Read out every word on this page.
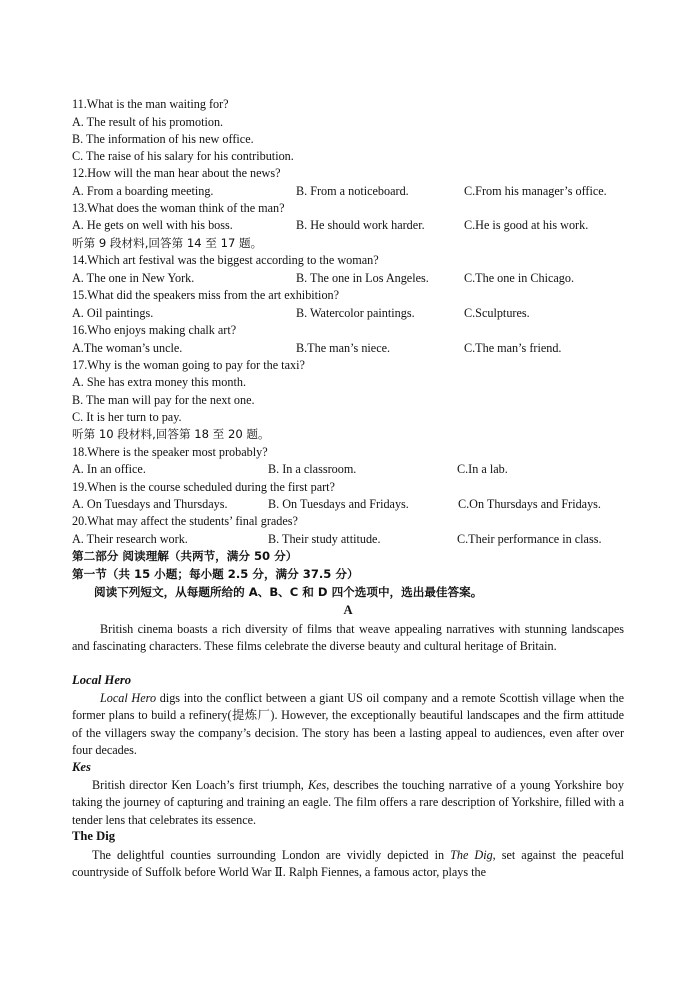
11.What is the man waiting for?
A. The result of his promotion.
B. The information of his new office.
C. The raise of his salary for his contribution.
12.How will the man hear about the news?
A. From a boarding meeting.	B. From a noticeboard.	C.From his manager’s office.
13.What does the woman think of the man?
A. He gets on well with his boss.	B. He should work harder.	C.He is good at his work.
听第 9 段材料,回答第 14 至 17 题。
14.Which art festival was the biggest according to the woman?
A. The one in New York.	B. The one in Los Angeles.	C.The one in Chicago.
15.What did the speakers miss from the art exhibition?
A. Oil paintings.	B. Watercolor paintings.	C.Sculptures.
16.Who enjoys making chalk art?
A.The woman’s uncle.	B.The man’s niece.	C.The man’s friend.
17.Why is the woman going to pay for the taxi?
A. She has extra money this month.
B. The man will pay for the next one.
C. It is her turn to pay.
听第 10 段材料,回答第 18 至 20 题。
18.Where is the speaker most probably?
A. In an office.	B. In a classroom.	C.In a lab.
19.When is the course scheduled during the first part?
A. On Tuesdays and Thursdays.	B. On Tuesdays and Fridays.	C.On Thursdays and Fridays.
20.What may affect the students’ final grades?
A. Their research work.	B. Their study attitude.	C.Their performance in class.
第二部分 阅读理解（共两节，满分 50 分）
第一节（共 15 小题；每小题 2.5 分，满分 37.5 分）
阅读下列短文，从每题所给的 A、B、C 和 D 四个选项中，选出最佳答案。
A
British cinema boasts a rich diversity of films that weave appealing narratives with stunning landscapes and fascinating characters. These films celebrate the diverse beauty and cultural heritage of Britain.
Local Hero
Local Hero digs into the conflict between a giant US oil company and a remote Scottish village when the former plans to build a refinery(提炼厂). However, the exceptionally beautiful landscapes and the firm attitude of the villagers sway the company’s decision. The story has been a lasting appeal to audiences, even after over four decades.
Kes
British director Ken Loach’s first triumph, Kes, describes the touching narrative of a young Yorkshire boy taking the journey of capturing and training an eagle. The film offers a rare description of Yorkshire, filled with a tender lens that celebrates its essence.
The Dig
The delightful counties surrounding London are vividly depicted in The Dig, set against the peaceful countryside of Suffolk before World War Ⅱ. Ralph Fiennes, a famous actor, plays the
